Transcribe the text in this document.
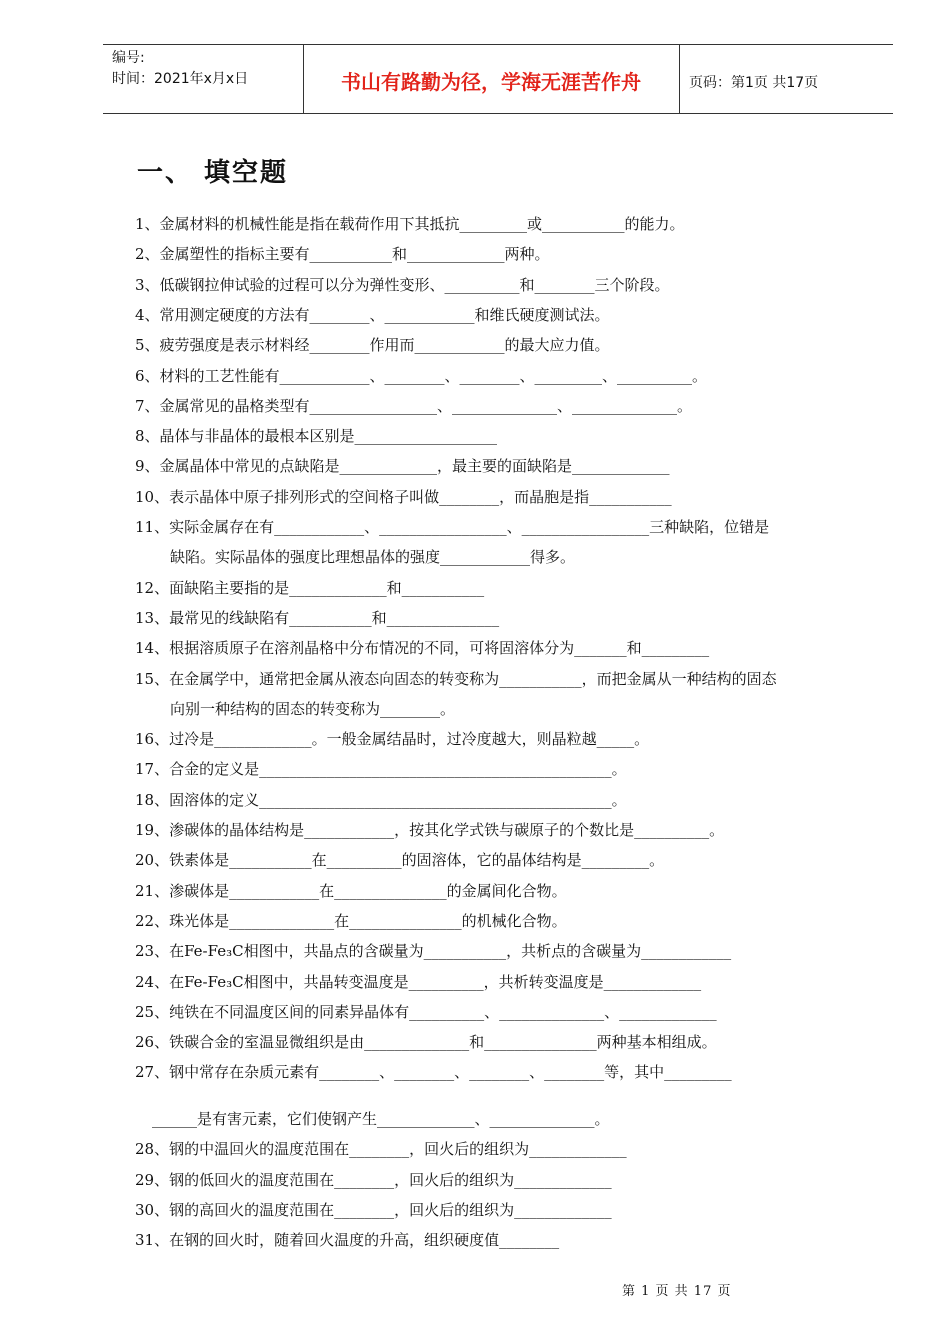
编号:
时间：2021年x月x日	书山有路勤为径，学海无涯苦作舟	页码：第1页 共17页
一、 填空题
1、金属材料的机械性能是指在载荷作用下其抵抗_________或___________的能力。
2、金属塑性的指标主要有___________和_____________两种。
3、低碳钢拉伸试验的过程可以分为弹性变形、__________和________三个阶段。
4、常用测定硬度的方法有________、____________和维氏硬度测试法。
5、疲劳强度是表示材料经________作用而____________的最大应力值。
6、材料的工艺性能有____________、________、________、_________、__________。
7、金属常见的晶格类型有_________________、______________、______________。
8、晶体与非晶体的最根本区别是___________________
9、金属晶体中常见的点缺陷是_____________，最主要的面缺陷是_____________
10、表示晶体中原子排列形式的空间格子叫做________，而晶胞是指___________
11、实际金属存在有____________、_________________、_________________三种缺陷，位错是
缺陷。实际晶体的强度比理想晶体的强度____________得多。
12、面缺陷主要指的是_____________和___________
13、最常见的线缺陷有___________和_______________
14、根据溶质原子在溶剂晶格中分布情况的不同，可将固溶体分为_______和_________
15、在金属学中，通常把金属从液态向固态的转变称为___________，而把金属从一种结构的固态
向别一种结构的固态的转变称为________。
16、过冷是_____________。一般金属结晶时，过冷度越大，则晶粒越_____。
17、合金的定义是_______________________________________________。
18、固溶体的定义_______________________________________________。
19、渗碳体的晶体结构是____________，按其化学式铁与碳原子的个数比是__________。
20、铁素体是___________在__________的固溶体，它的晶体结构是_________。
21、渗碳体是____________在_______________的金属间化合物。
22、珠光体是______________在_______________的机械化合物。
23、在Fe-Fe₃C相图中，共晶点的含碳量为___________，共析点的含碳量为____________
24、在Fe-Fe₃C相图中，共晶转变温度是__________，共析转变温度是_____________
25、纯铁在不同温度区间的同素异晶体有__________、______________、_____________
26、铁碳合金的室温显微组织是由______________和_______________两种基本相组成。
27、钢中常存在杂质元素有________、________、________、________等，其中_________
______是有害元素，它们使钢产生_____________、______________。
28、钢的中温回火的温度范围在________，回火后的组织为_____________
29、钢的低回火的温度范围在________，回火后的组织为_____________
30、钢的高回火的温度范围在________，回火后的组织为_____________
31、在钢的回火时，随着回火温度的升高，组织硬度值________
第 1 页 共 17 页
